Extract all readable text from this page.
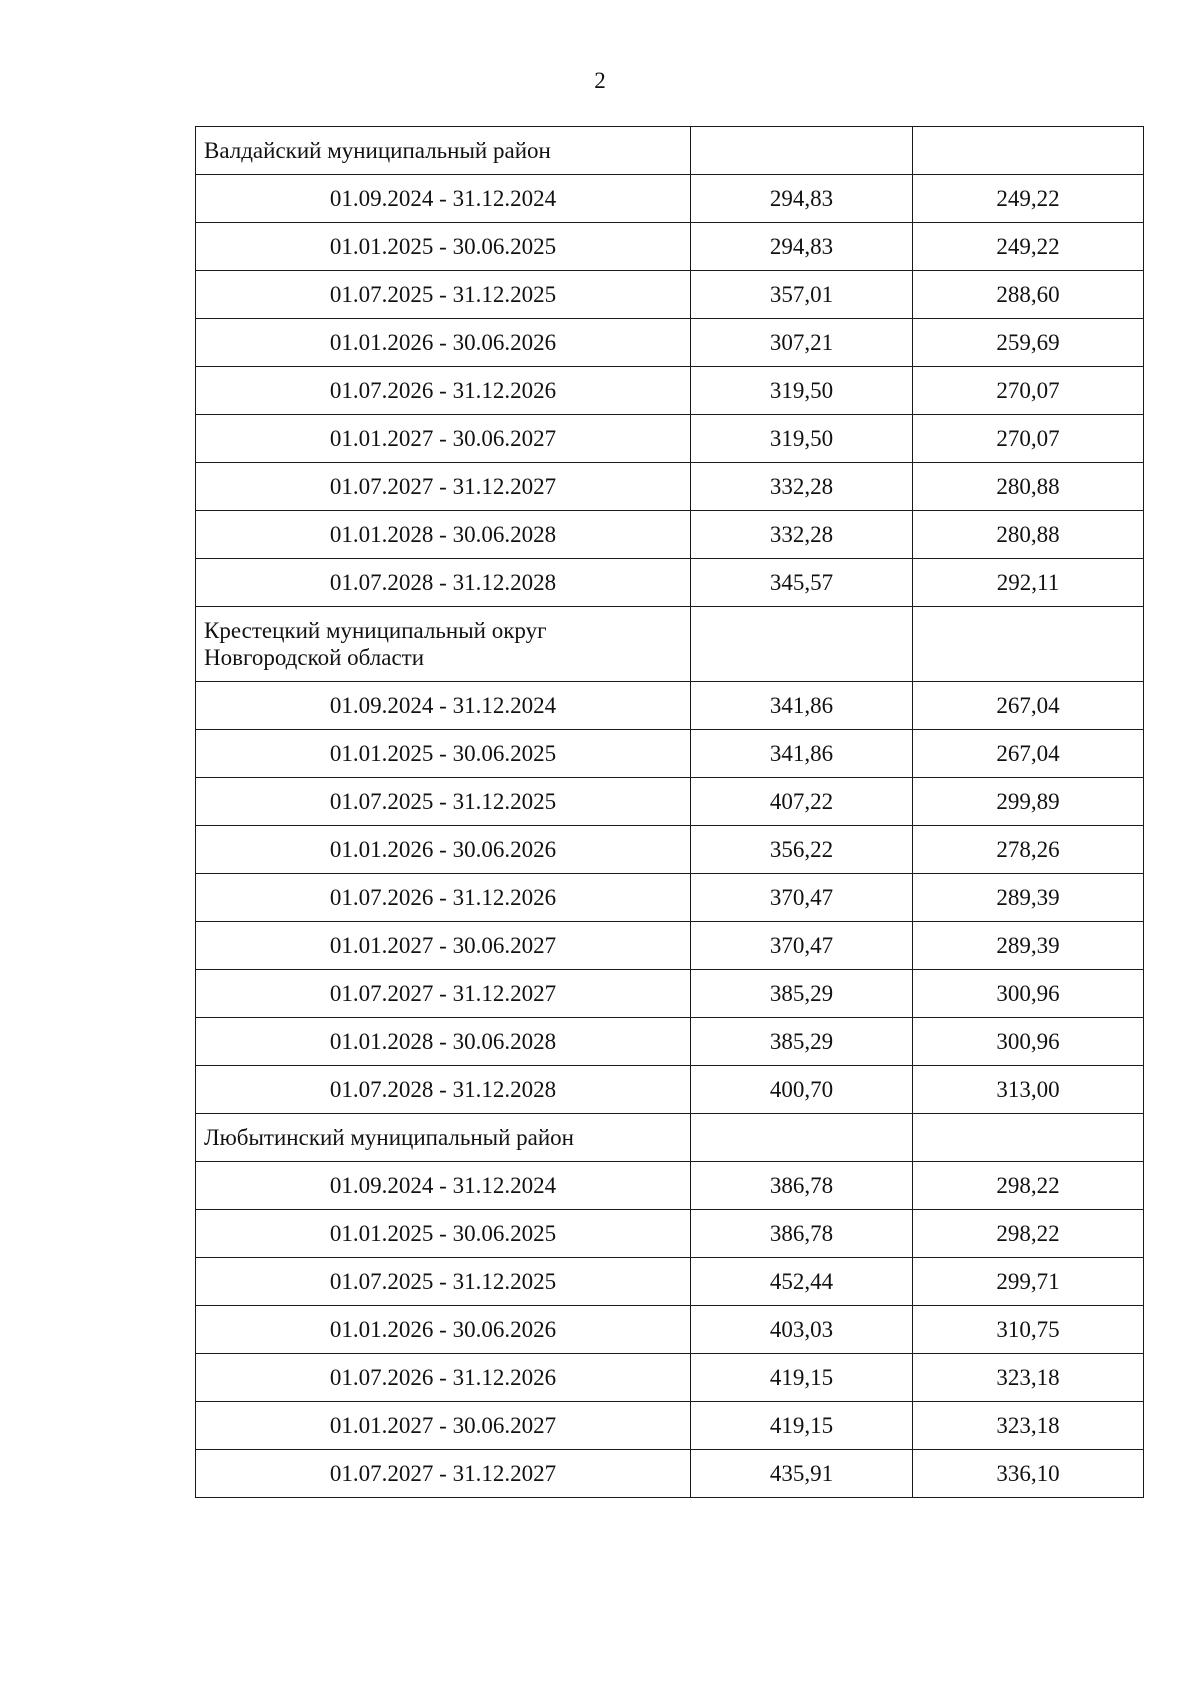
2
Валдайский муниципальный район		
01.09.2024 - 31.12.2024	294,83	249,22
01.01.2025 - 30.06.2025	294,83	249,22
01.07.2025 - 31.12.2025	357,01	288,60
01.01.2026 - 30.06.2026	307,21	259,69
01.07.2026 - 31.12.2026	319,50	270,07
01.01.2027 - 30.06.2027	319,50	270,07
01.07.2027 - 31.12.2027	332,28	280,88
01.01.2028 - 30.06.2028	332,28	280,88
01.07.2028 - 31.12.2028	345,57	292,11
Крестецкий муниципальный округ
Новгородской области		
01.09.2024 - 31.12.2024	341,86	267,04
01.01.2025 - 30.06.2025	341,86	267,04
01.07.2025 - 31.12.2025	407,22	299,89
01.01.2026 - 30.06.2026	356,22	278,26
01.07.2026 - 31.12.2026	370,47	289,39
01.01.2027 - 30.06.2027	370,47	289,39
01.07.2027 - 31.12.2027	385,29	300,96
01.01.2028 - 30.06.2028	385,29	300,96
01.07.2028 - 31.12.2028	400,70	313,00
Любытинский муниципальный район		
01.09.2024 - 31.12.2024	386,78	298,22
01.01.2025 - 30.06.2025	386,78	298,22
01.07.2025 - 31.12.2025	452,44	299,71
01.01.2026 - 30.06.2026	403,03	310,75
01.07.2026 - 31.12.2026	419,15	323,18
01.01.2027 - 30.06.2027	419,15	323,18
01.07.2027 - 31.12.2027	435,91	336,10
